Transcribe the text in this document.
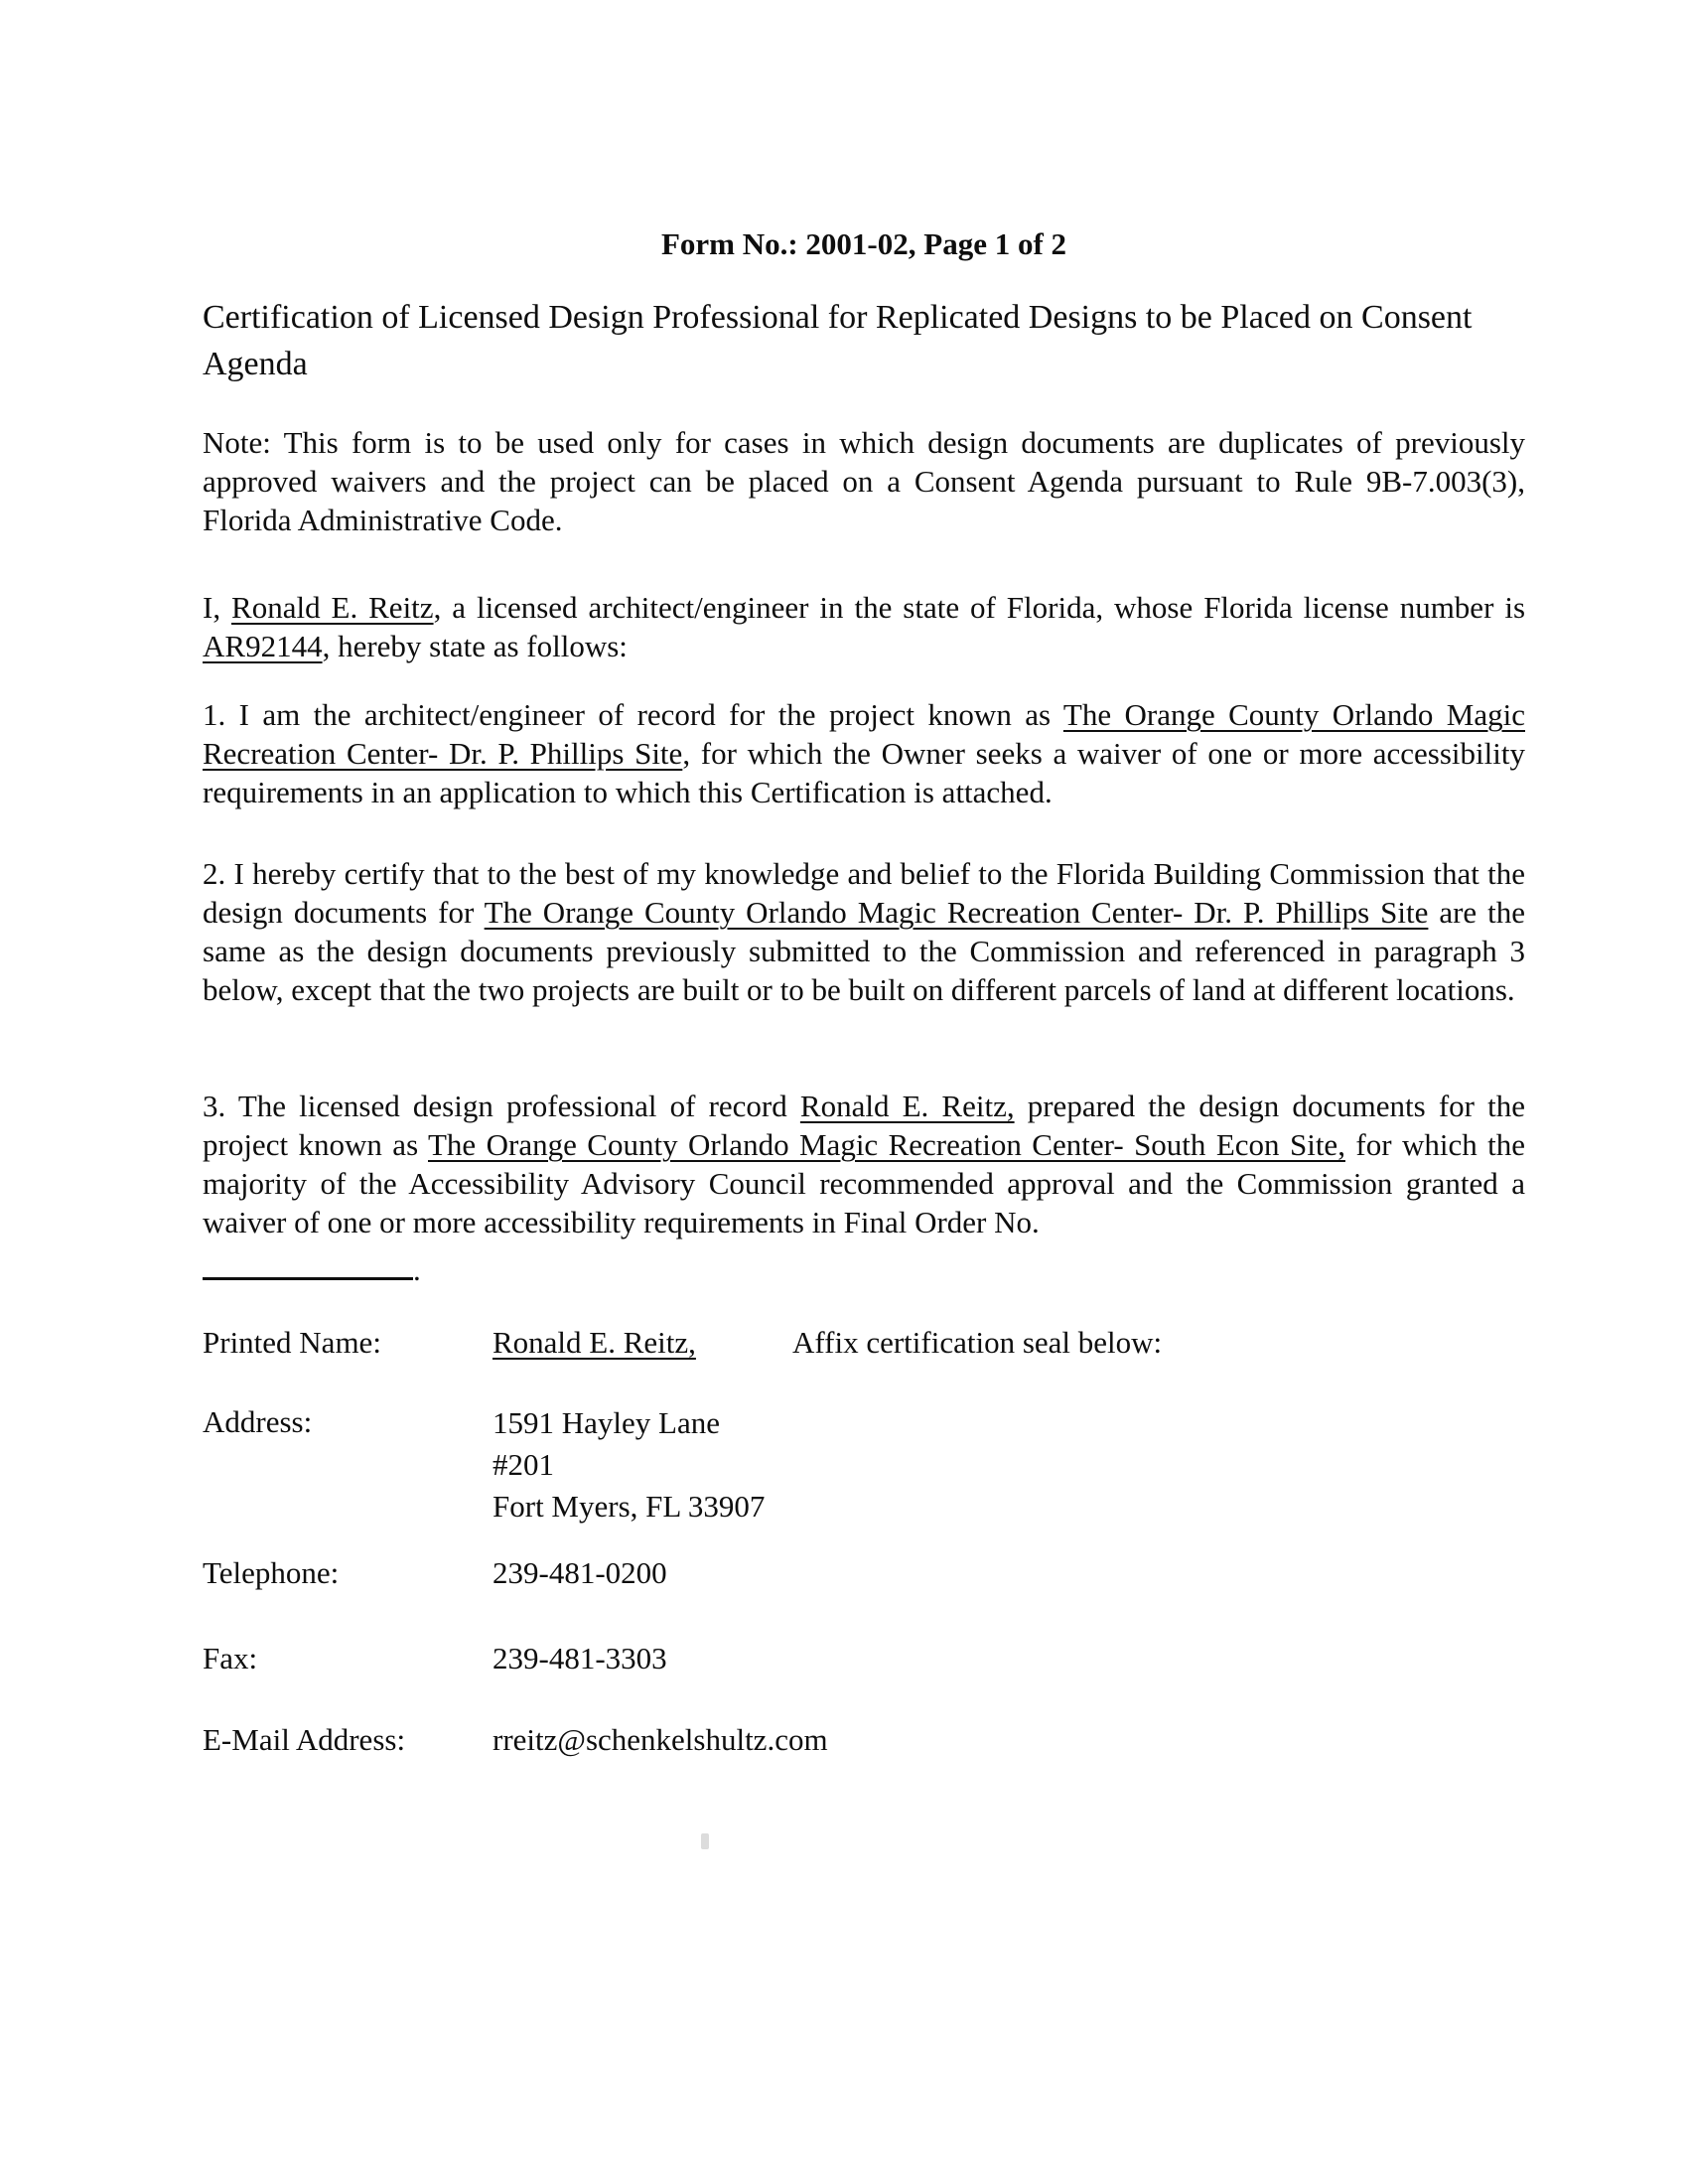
Form No.: 2001-02, Page 1 of 2
Certification of Licensed Design Professional for Replicated Designs to be Placed on Consent Agenda
Note: This form is to be used only for cases in which design documents are duplicates of previously approved waivers and the project can be placed on a Consent Agenda pursuant to Rule 9B-7.003(3), Florida Administrative Code.
I, Ronald E. Reitz, a licensed architect/engineer in the state of Florida, whose Florida license number is AR92144, hereby state as follows:
1. I am the architect/engineer of record for the project known as The Orange County Orlando Magic Recreation Center- Dr. P. Phillips Site, for which the Owner seeks a waiver of one or more accessibility requirements in an application to which this Certification is attached.
2. I hereby certify that to the best of my knowledge and belief to the Florida Building Commission that the design documents for The Orange County Orlando Magic Recreation Center- Dr. P. Phillips Site are the same as the design documents previously submitted to the Commission and referenced in paragraph 3 below, except that the two projects are built or to be built on different parcels of land at different locations.
3. The licensed design professional of record Ronald E. Reitz, prepared the design documents for the project known as The Orange County Orlando Magic Recreation Center- South Econ Site, for which the majority of the Accessibility Advisory Council recommended approval and the Commission granted a waiver of one or more accessibility requirements in Final Order No.
.
Printed Name:	Ronald E. Reitz,	Affix certification seal below:
Address:	1591 Hayley Lane
#201
Fort Myers, FL 33907
Telephone:	239-481-0200
Fax:	239-481-3303
E-Mail Address:	rreitz@schenkelshultz.com
